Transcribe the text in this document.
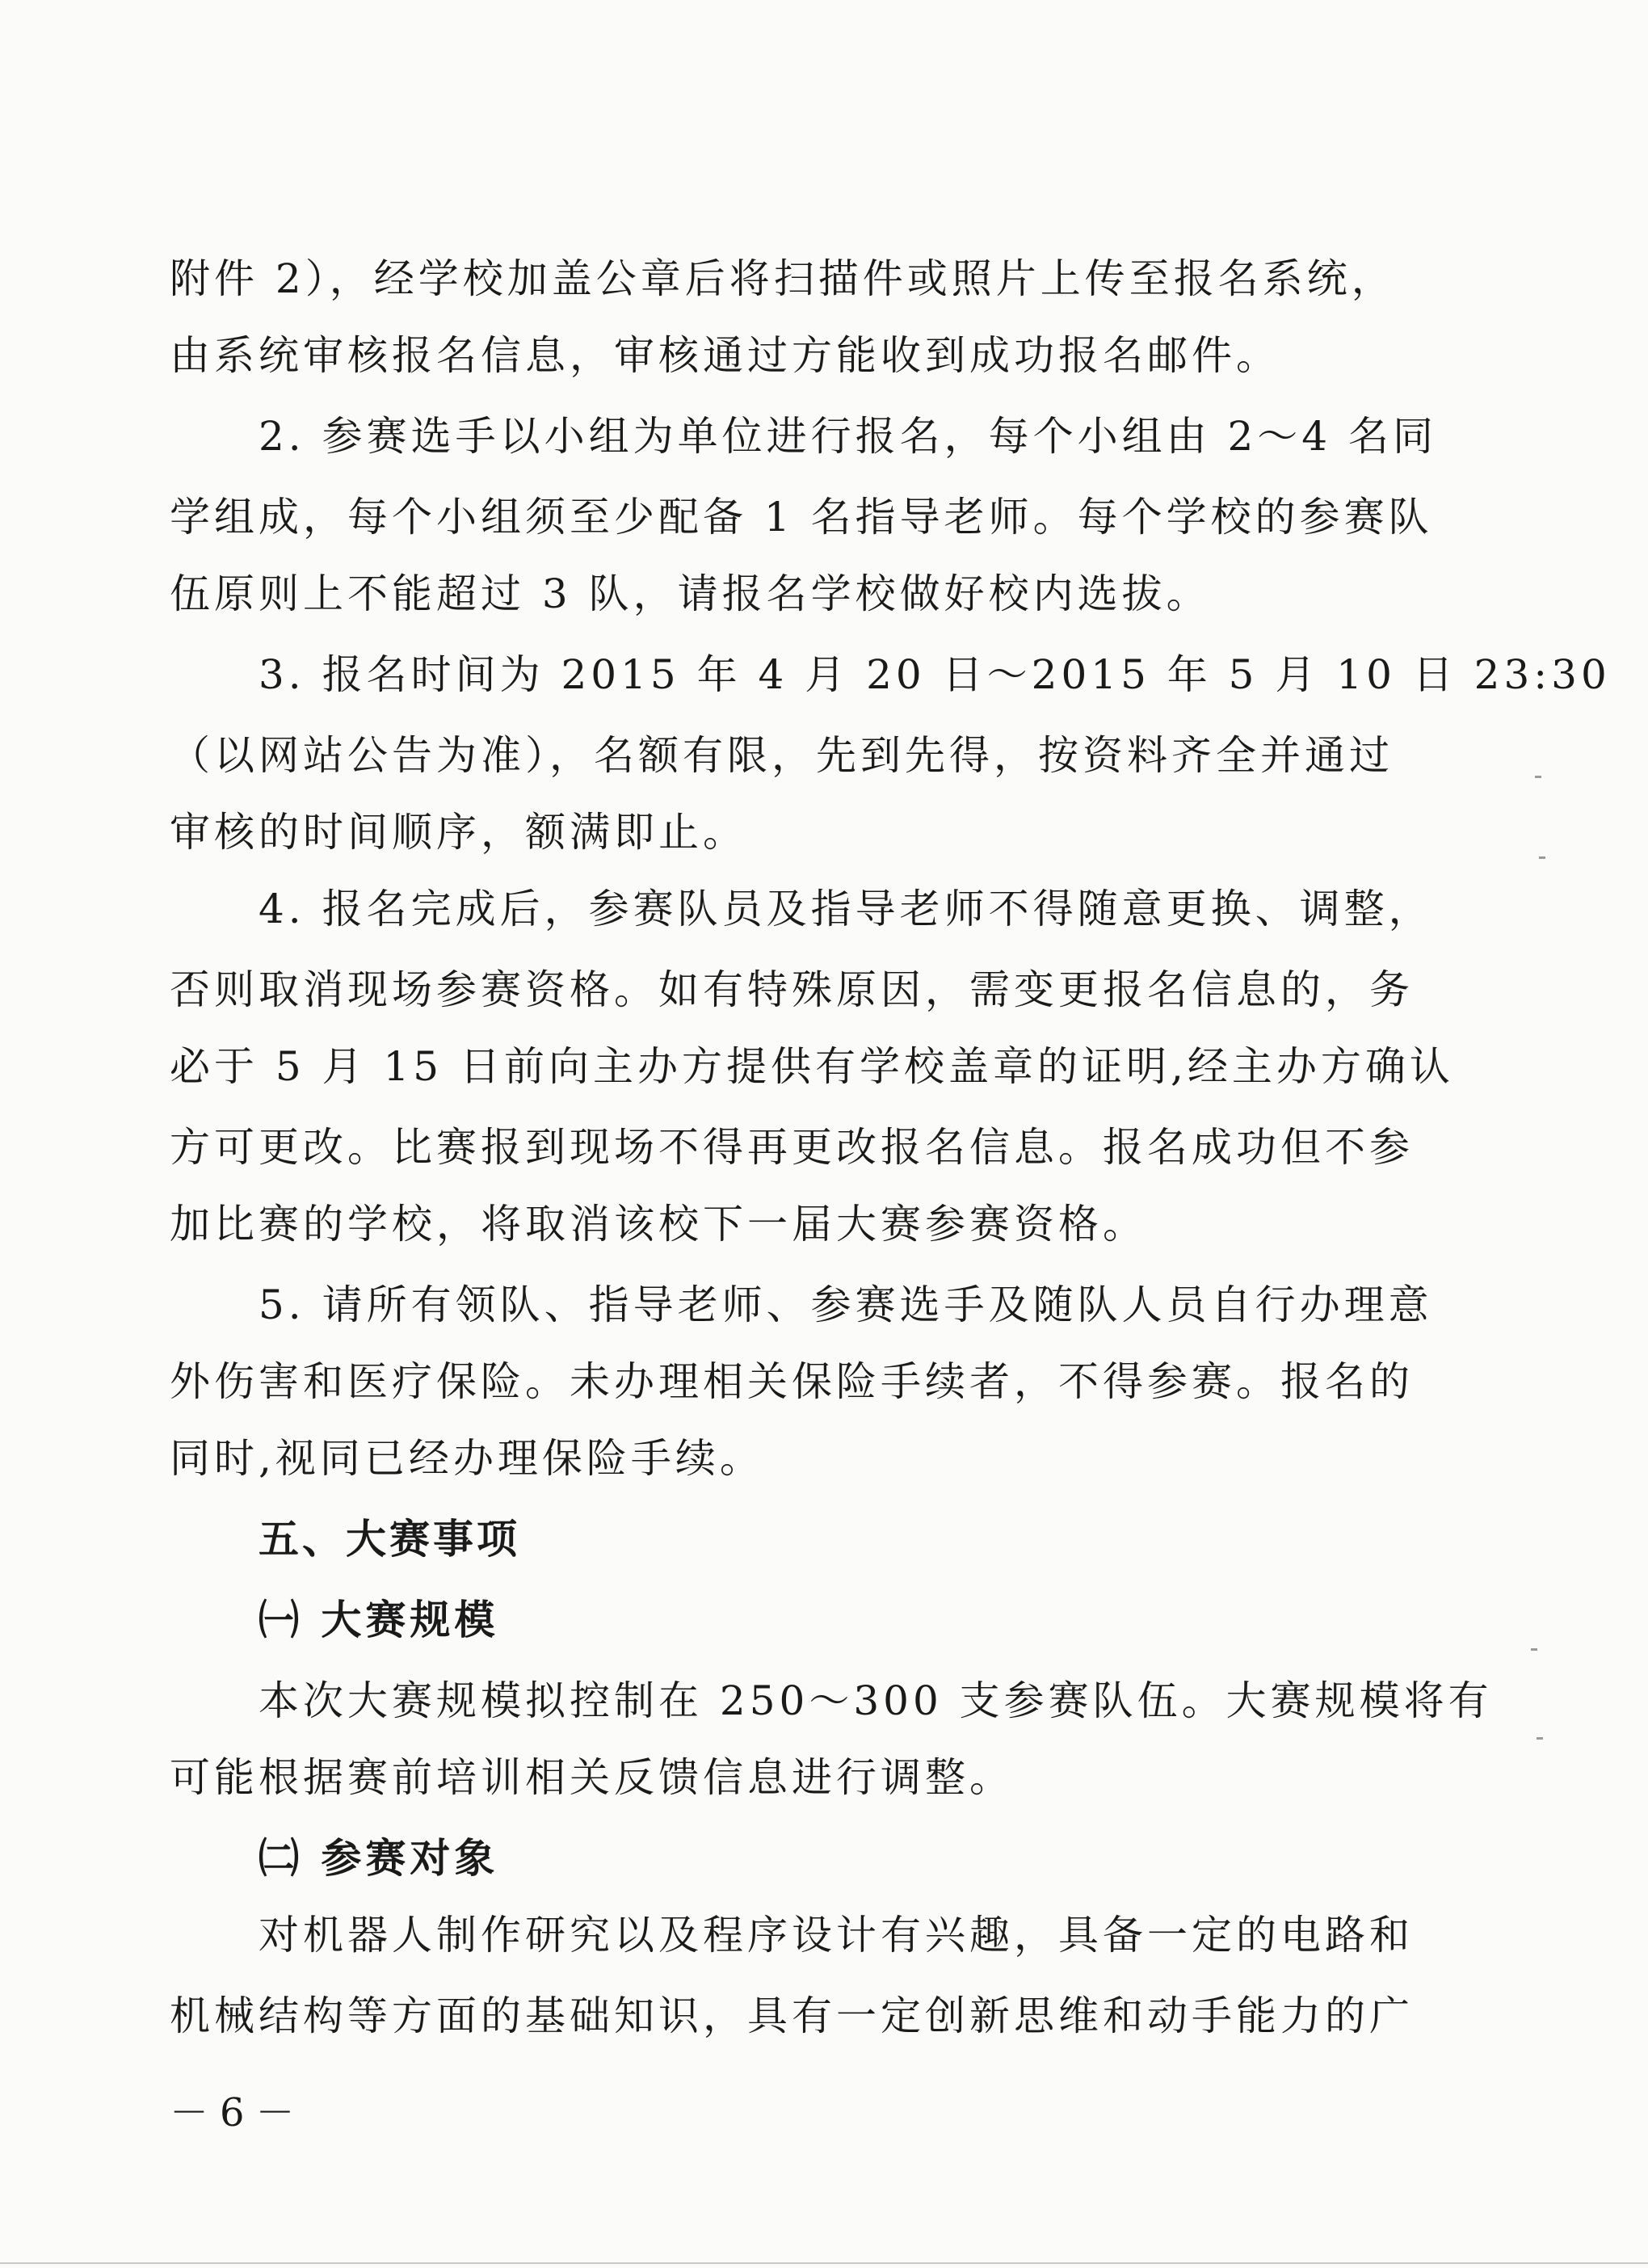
附件 2），经学校加盖公章后将扫描件或照片上传至报名系统，
由系统审核报名信息，审核通过方能收到成功报名邮件。
2. 参赛选手以小组为单位进行报名，每个小组由 2～4 名同
学组成，每个小组须至少配备 1 名指导老师。每个学校的参赛队
伍原则上不能超过 3 队，请报名学校做好校内选拔。
3. 报名时间为 2015 年 4 月 20 日～2015 年 5 月 10 日 23:30
（以网站公告为准），名额有限，先到先得，按资料齐全并通过
审核的时间顺序，额满即止。
4. 报名完成后，参赛队员及指导老师不得随意更换、调整，
否则取消现场参赛资格。如有特殊原因，需变更报名信息的，务
必于 5 月 15 日前向主办方提供有学校盖章的证明,经主办方确认
方可更改。比赛报到现场不得再更改报名信息。报名成功但不参
加比赛的学校，将取消该校下一届大赛参赛资格。
5. 请所有领队、指导老师、参赛选手及随队人员自行办理意
外伤害和医疗保险。未办理相关保险手续者，不得参赛。报名的
同时,视同已经办理保险手续。
五、大赛事项
㈠ 大赛规模
本次大赛规模拟控制在 250～300 支参赛队伍。大赛规模将有
可能根据赛前培训相关反馈信息进行调整。
㈡ 参赛对象
对机器人制作研究以及程序设计有兴趣，具备一定的电路和
机械结构等方面的基础知识，具有一定创新思维和动手能力的广
－6－
